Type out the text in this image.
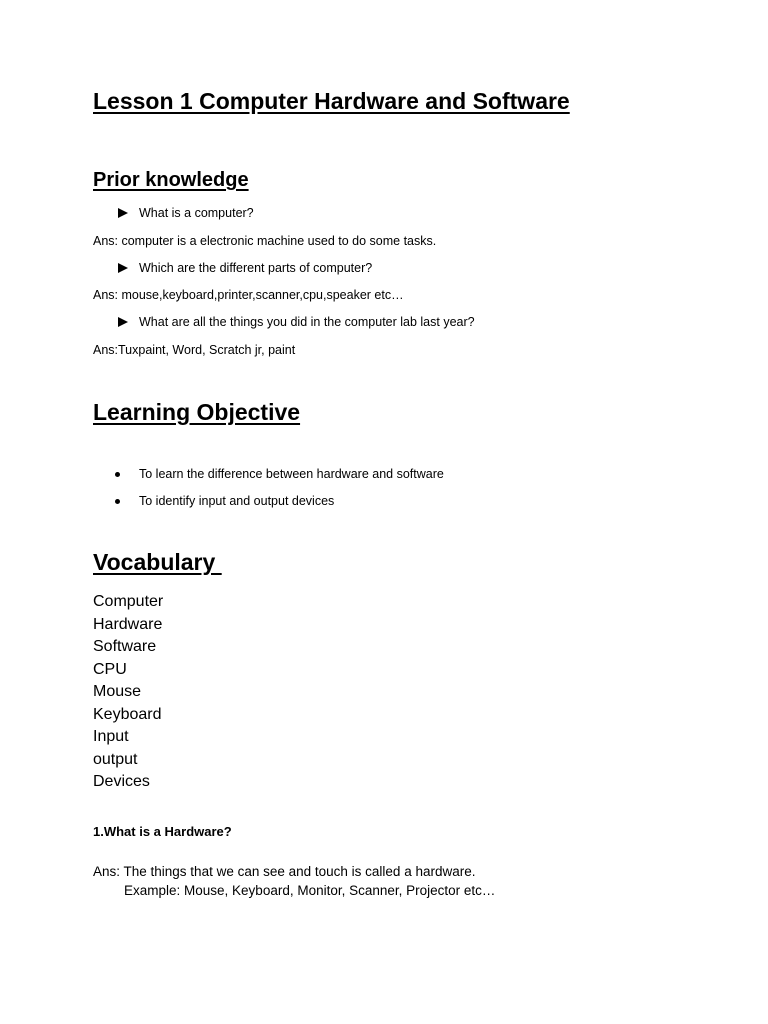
Lesson 1 Computer Hardware and Software
Prior knowledge
What is a computer?
Ans: computer is a electronic machine used to do some tasks.
Which are the different parts of computer?
Ans: mouse,keyboard,printer,scanner,cpu,speaker etc…
What are all the things you did in the computer lab last year?
Ans:Tuxpaint, Word, Scratch jr, paint
Learning Objective
To learn the difference between hardware and software
To identify input and output devices
Vocabulary
Computer
Hardware
Software
CPU
Mouse
Keyboard
Input
output
Devices
1.What is a Hardware?
Ans: The things that we can see and touch is called a hardware.
Example: Mouse, Keyboard, Monitor, Scanner, Projector etc…
